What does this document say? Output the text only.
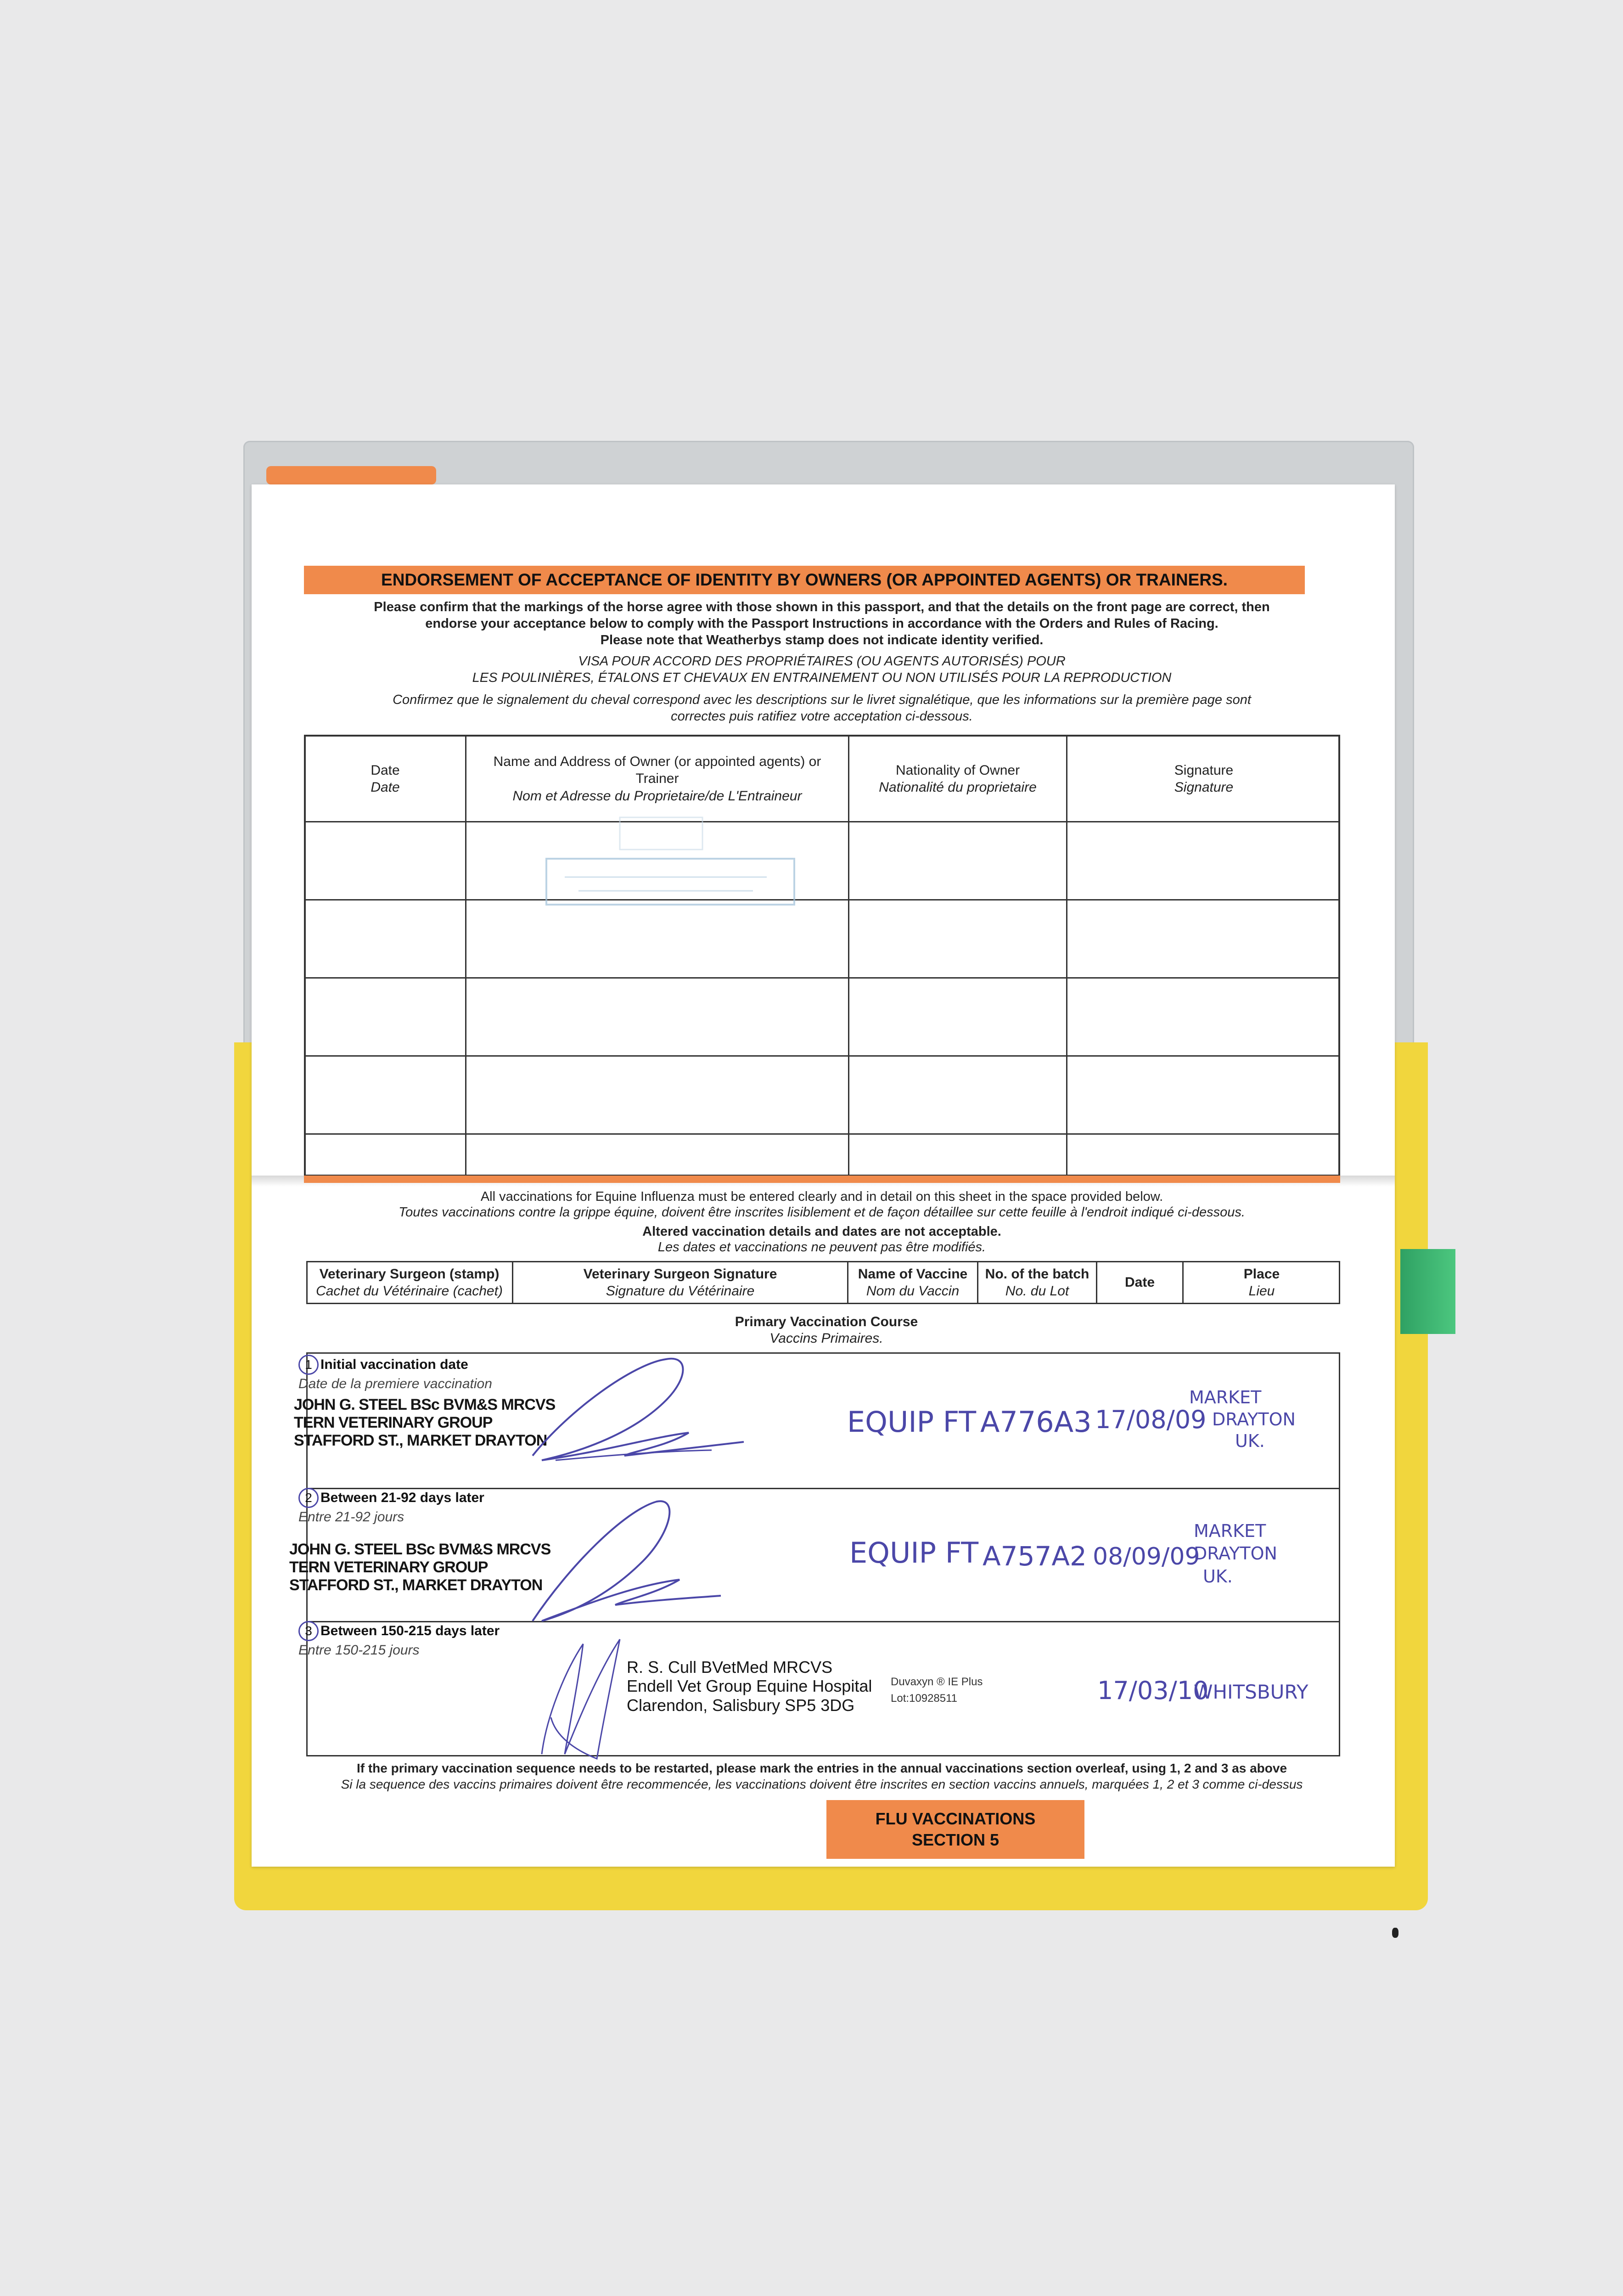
ENDORSEMENT OF ACCEPTANCE OF IDENTITY BY OWNERS (OR APPOINTED AGENTS) OR TRAINERS.
Please confirm that the markings of the horse agree with those shown in this passport, and that the details on the front page are correct, then
endorse your acceptance below to comply with the Passport Instructions in accordance with the Orders and Rules of Racing.
Please note that Weatherbys stamp does not indicate identity verified.
VISA POUR ACCORD DES PROPRIÉTAIRES (OU AGENTS AUTORISÉS) POUR
LES POULINIÈRES, ÉTALONS ET CHEVAUX EN ENTRAINEMENT OU NON UTILISÉS POUR LA REPRODUCTION
Confirmez que le signalement du cheval correspond avec les descriptions sur le livret signalétique, que les informations sur la première page sont
correctes puis ratifiez votre acceptation ci-dessous.
Date
Date
Name and Address of Owner (or appointed agents) or Trainer
Nom et Adresse du Proprietaire/de L'Entraineur
Nationality of Owner
Nationalité du proprietaire
Signature
Signature
All vaccinations for Equine Influenza must be entered clearly and in detail on this sheet in the space provided below.
Toutes vaccinations contre la grippe équine, doivent être inscrites lisiblement et de façon détaillee sur cette feuille à l'endroit indiqué ci-dessous.
Altered vaccination details and dates are not acceptable.
Les dates et vaccinations ne peuvent pas être modifiés.
Veterinary Surgeon (stamp)
Cachet du Vétérinaire (cachet)
Veterinary Surgeon Signature
Signature du Vétérinaire
Name of Vaccine
Nom du Vaccin
No. of the batch
No. du Lot
Date
Place
Lieu
Primary Vaccination Course
Vaccins Primaires.
1 Initial vaccination date
Date de la premiere vaccination
JOHN G. STEEL BSc BVM&S MRCVS
TERN VETERINARY GROUP
STAFFORD ST., MARKET DRAYTON
EQUIP FT A776A3 17/08/09
MARKET
DRAYTON
UK.
2 Between 21-92 days later
Entre 21-92 jours
JOHN G. STEEL BSc BVM&S MRCVS
TERN VETERINARY GROUP
STAFFORD ST., MARKET DRAYTON
EQUIP FT A757A2 08/09/09
MARKET
DRAYTON
UK.
3 Between 150-215 days later
Entre 150-215 jours
R. S. Cull BVetMed MRCVS
Endell Vet Group Equine Hospital
Clarendon, Salisbury SP5 3DG
Duvaxyn ® IE Plus
Lot:10928511	17/03/10
WHITSBURY
If the primary vaccination sequence needs to be restarted, please mark the entries in the annual vaccinations section overleaf, using 1, 2 and 3 as above
Si la sequence des vaccins primaires doivent être recommencée, les vaccinations doivent être inscrites en section vaccins annuels, marquées 1, 2 et 3 comme ci-dessus
FLU VACCINATIONS
SECTION 5
